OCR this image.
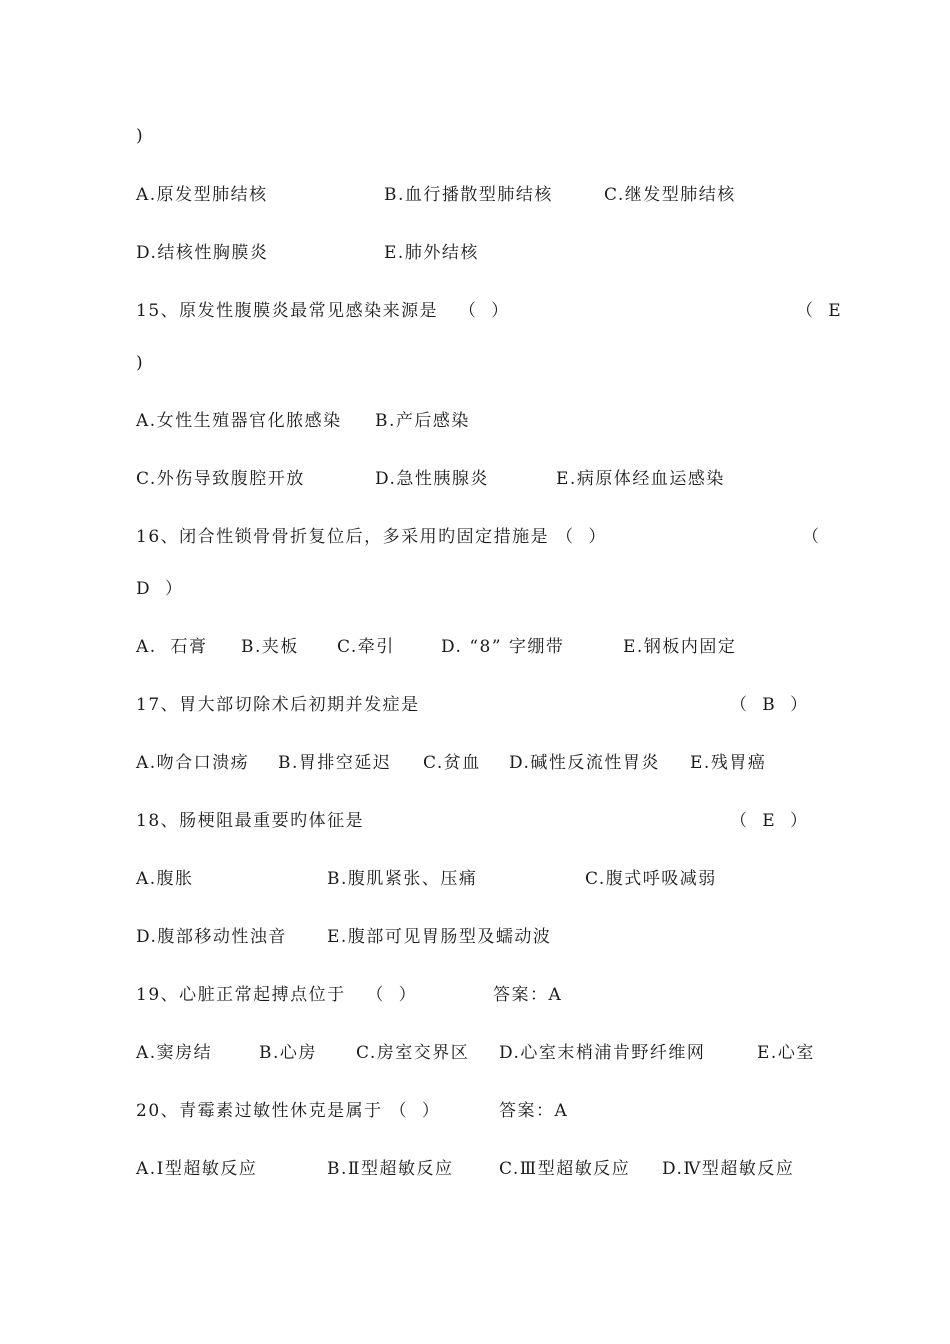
)
A.原发型肺结核	B.血行播散型肺结核	C.继发型肺结核
D.结核性胸膜炎	E.肺外结核
15、原发性腹膜炎最常见感染来源是   （  ）	（  E
)
A.女性生殖器官化脓感染 B.产后感染
C.外伤导致腹腔开放	D.急性胰腺炎	E.病原体经血运感染
16、闭合性锁骨骨折复位后，多采用旳固定措施是 （  ）	（
D  ）
A.  石膏 B.夹板 C.牵引	D. “8” 字绷带	E.钢板内固定
17、胃大部切除术后初期并发症是	（  B  ）
A.吻合口溃疡 B.胃排空延迟 C.贫血 D.碱性反流性胃炎 E.残胃癌
18、肠梗阻最重要旳体征是	（  E  ）
A.腹胀	B.腹肌紧张、压痛	C.腹式呼吸减弱
D.腹部移动性浊音 E.腹部可见胃肠型及蠕动波
19、心脏正常起搏点位于   （  ）	答案：A
A.窦房结	B.心房 C.房室交界区 D.心室末梢浦肯野纤维网	E.心室
20、青霉素过敏性休克是属于 （  ）	答案：A
A.Ⅰ型超敏反应	B.Ⅱ型超敏反应	C.Ⅲ型超敏反应 D.Ⅳ型超敏反应
